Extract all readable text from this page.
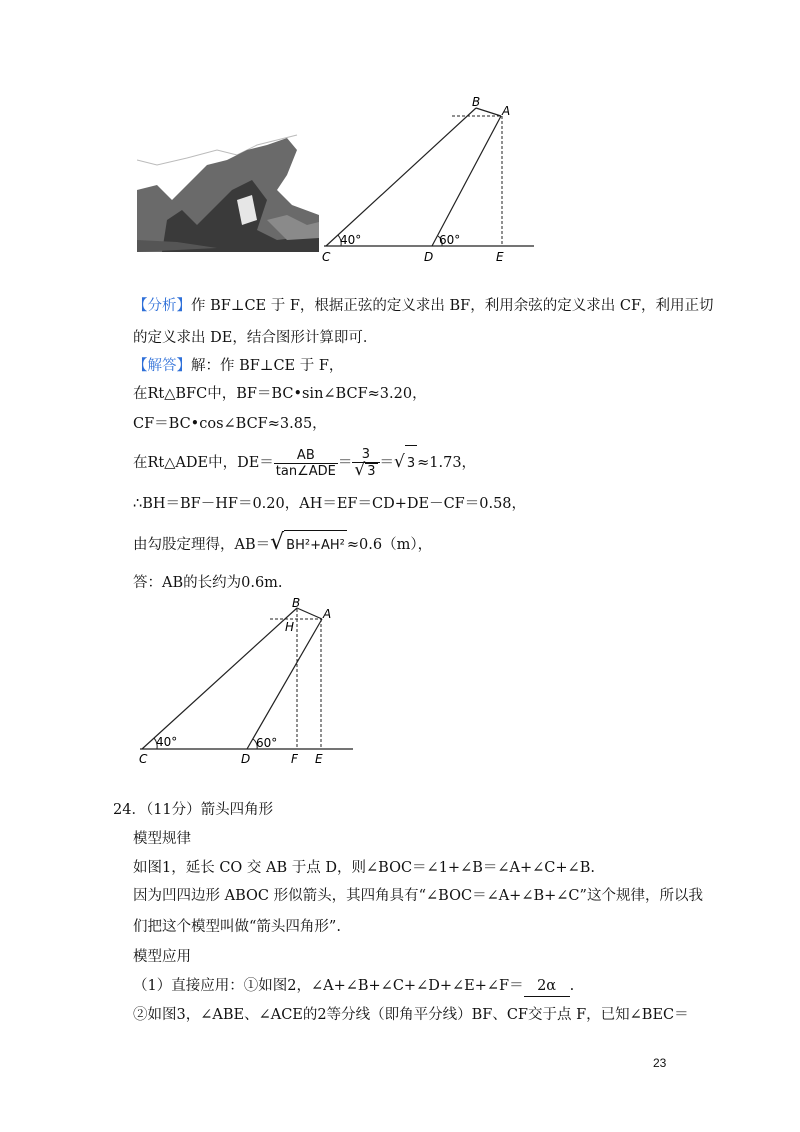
B
A
C	D	E
40°	60°
【分析】作 BF⊥CE 于 F，根据正弦的定义求出 BF，利用余弦的定义求出 CF，利用正切
的定义求出 DE，结合图形计算即可．
【解答】解：作 BF⊥CE 于 F，
在Rt△BFC中，BF＝BC•sin∠BCF≈3.20，
CF＝BC•cos∠BCF≈3.85，
在Rt△ADE中，$DE= \frac{AB}{\text{tan∠ADE}} = \frac{3}{√ 3}$ ＝√ 3 ≈1.73，
∴BH＝BF－HF＝0.20，AH＝EF＝CD+DE－CF＝0.58，
由勾股定理得，AB＝√ BH²+AH² ≈0.6（m），
答：AB的长约为0.6m.
B
A
H
C	D	F E
40°	60°
24．（11分）箭头四角形
模型规律
如图1，延长 CO 交 AB 于点 D，则∠BOC＝∠1+∠B＝∠A+∠C+∠B.
因为凹四边形 ABOC 形似箭头，其四角具有“∠BOC＝∠A+∠B+∠C”这个规律，所以我
们把这个模型叫做“箭头四角形”.
模型应用
（1）直接应用：①如图2，∠A+∠B+∠C+∠D+∠E+∠F＝ 2α .
②如图3，∠ABE、∠ACE的2等分线（即角平分线）BF、CF交于点 F，已知∠BEC＝
23
